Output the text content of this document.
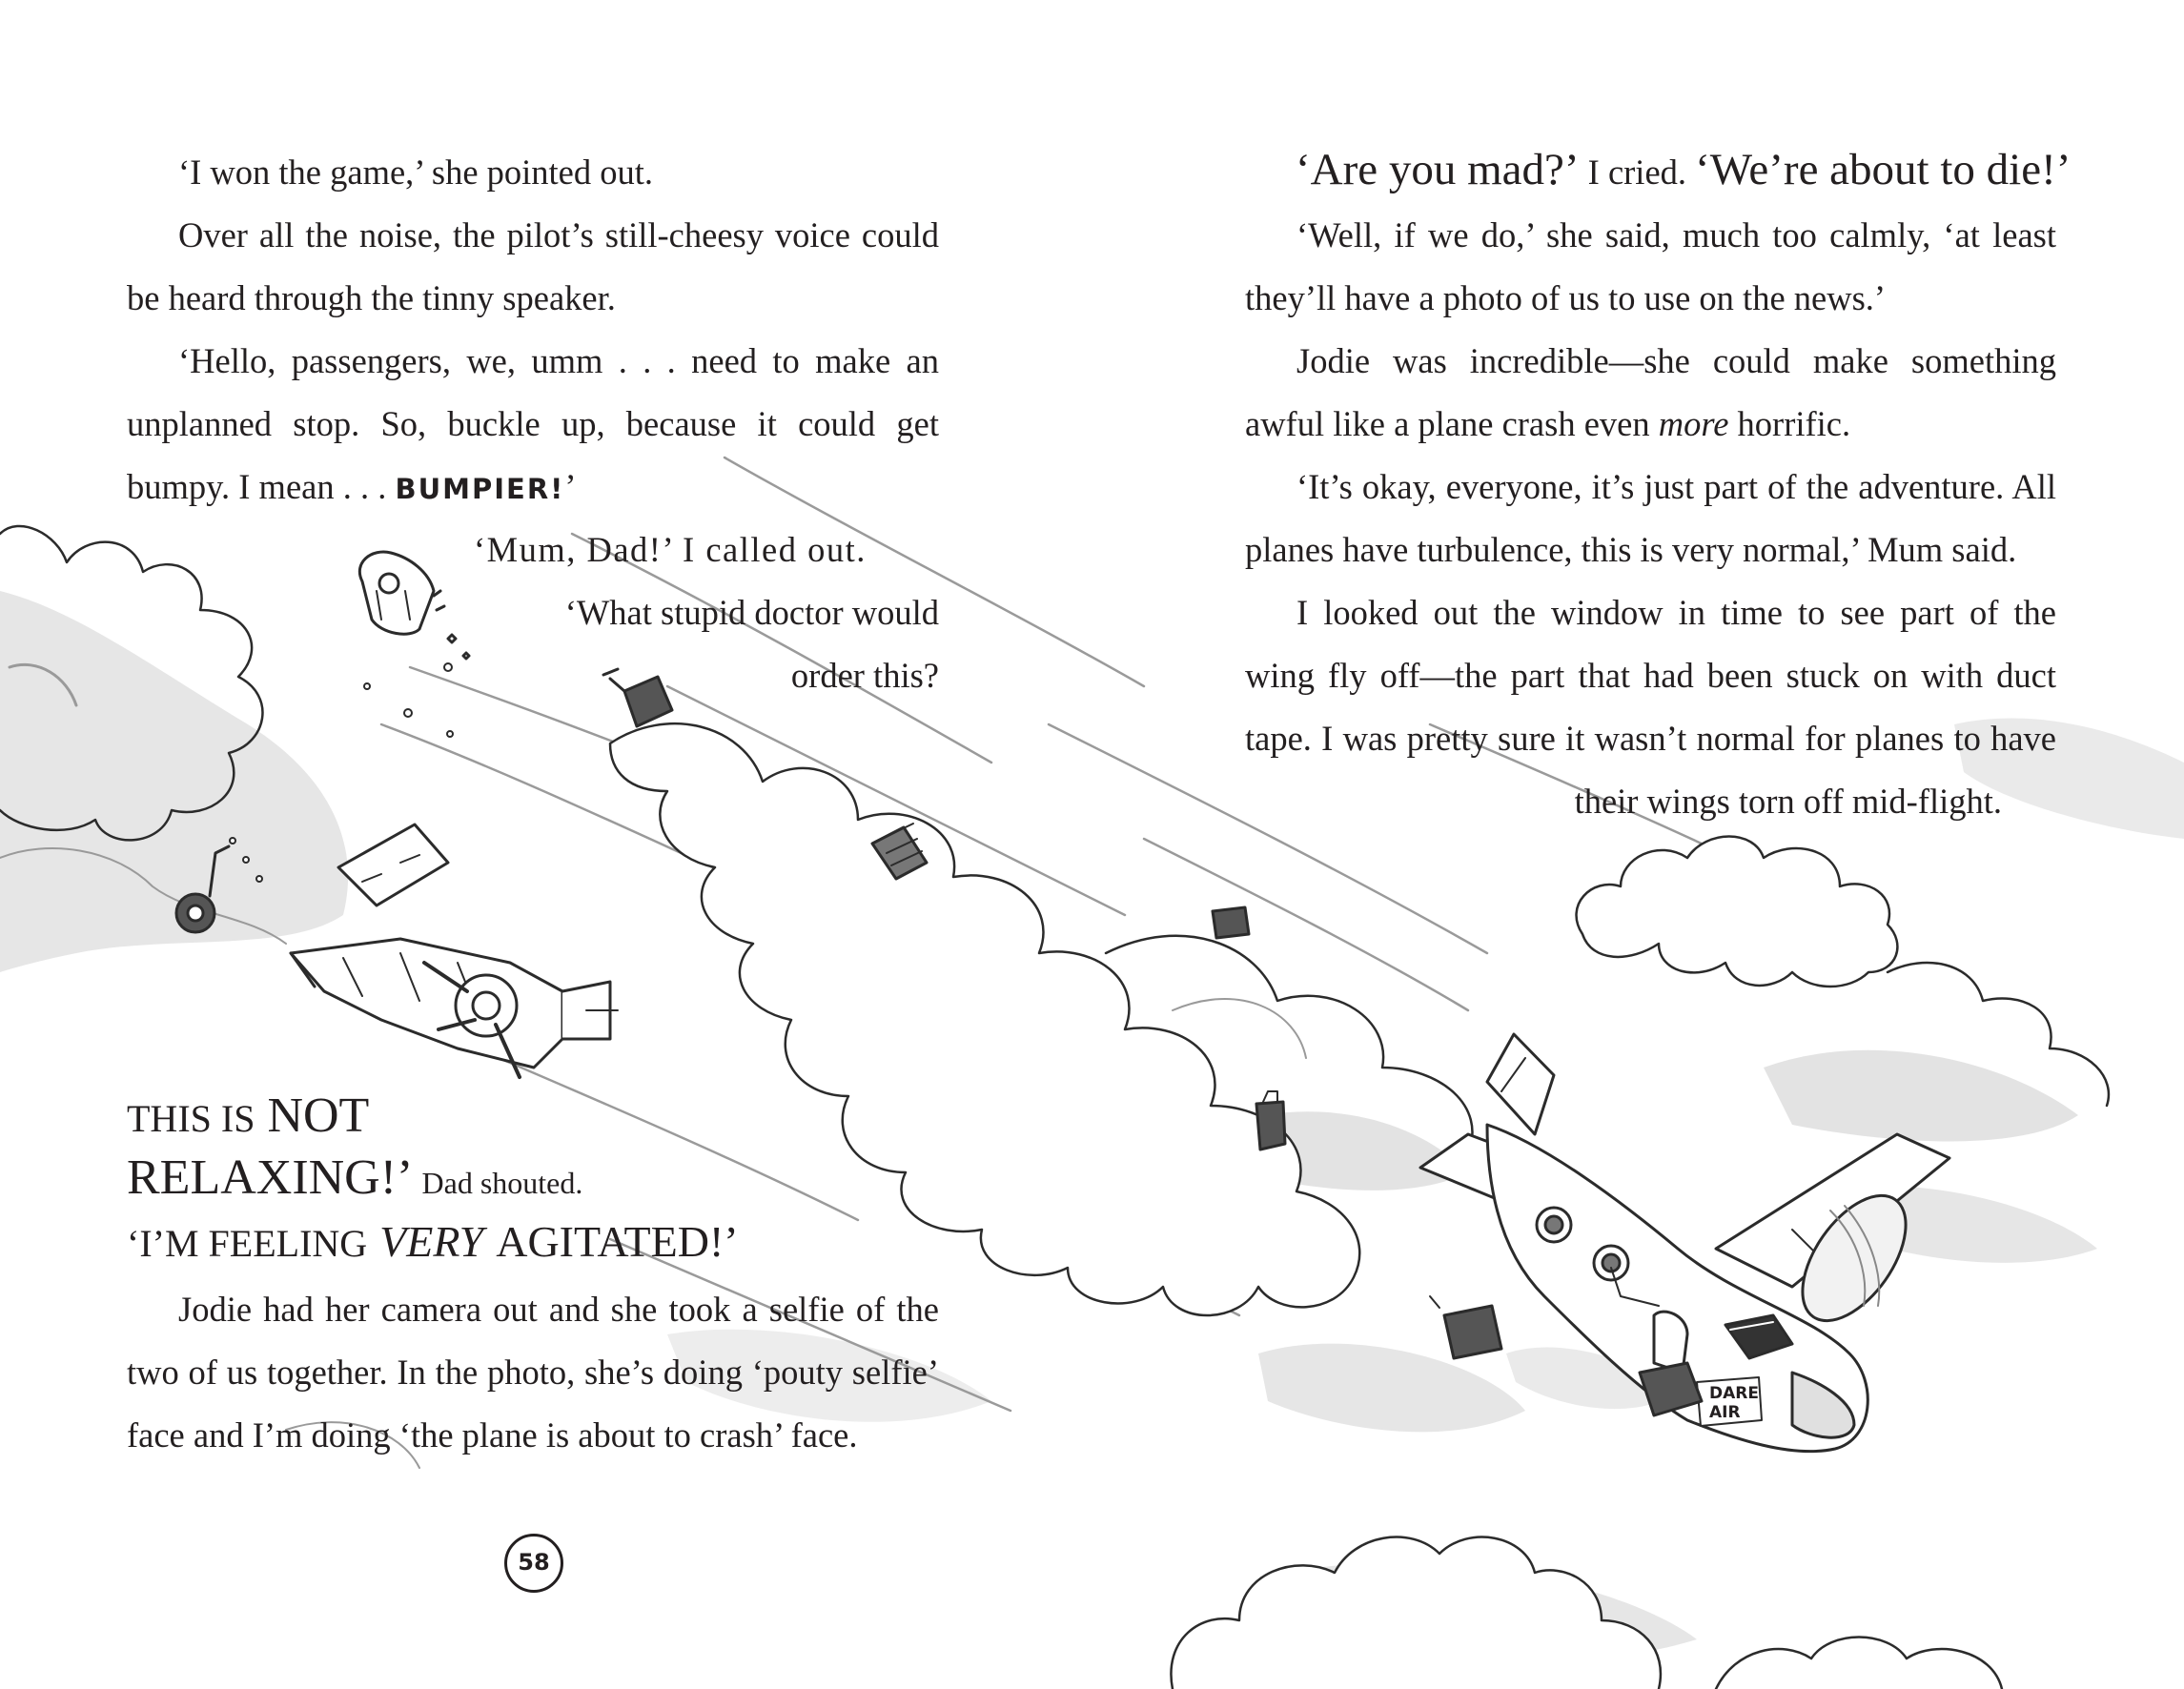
DARE
AIR
‘I won the game,’ she pointed out.
Over all the noise, the pilot’s still-cheesy voice could
be heard through the tinny speaker.
‘Hello, passengers, we, umm . . . need to make an
unplanned stop. So, buckle up, because it could get
bumpy. I mean . . . BUMPIER!’
‘Mum, Dad!’ I called out.
‘What stupid doctor would
order this?
THIS IS NOT
RELAXING!’ Dad shouted.
‘I’M FEELING VERY AGITATED!’
Jodie had her camera out and she took a selfie of the
two of us together. In the photo, she’s doing ‘pouty selfie’
face and I’m doing ‘the plane is about to crash’ face.
58
‘Are you mad?’ I cried. ‘We’re about to die!’
‘Well, if we do,’ she said, much too calmly, ‘at least
they’ll have a photo of us to use on the news.’
Jodie was incredible—she could make something
awful like a plane crash even more horrific.
‘It’s okay, everyone, it’s just part of the adventure. All
planes have turbulence, this is very normal,’ Mum said.
I looked out the window in time to see part of the
wing fly off—the part that had been stuck on with duct
tape. I was pretty sure it wasn’t normal for planes to have
their wings torn off mid-flight.
